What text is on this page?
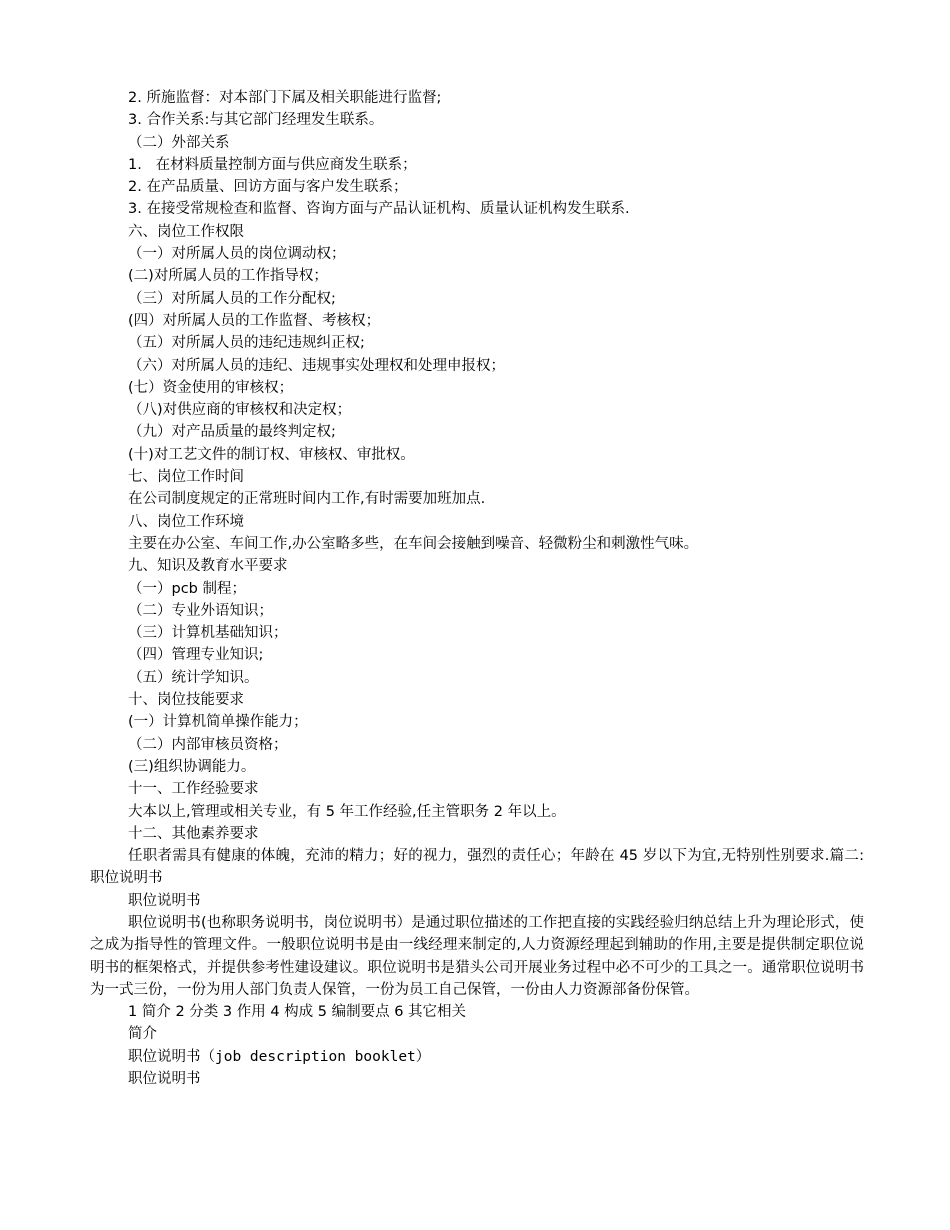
2. 所施监督：对本部门下属及相关职能进行监督;
3. 合作关系:与其它部门经理发生联系。
（二）外部关系
1.   在材料质量控制方面与供应商发生联系；
2. 在产品质量、回访方面与客户发生联系；
3. 在接受常规检查和监督、咨询方面与产品认证机构、质量认证机构发生联系.
六、岗位工作权限
（一）对所属人员的岗位调动权；
(二)对所属人员的工作指导权；
（三）对所属人员的工作分配权;
(四）对所属人员的工作监督、考核权；
（五）对所属人员的违纪违规纠正权;
（六）对所属人员的违纪、违规事实处理权和处理申报权；
(七）资金使用的审核权；
（八)对供应商的审核权和决定权；
（九）对产品质量的最终判定权;
(十)对工艺文件的制订权、审核权、审批权。
七、岗位工作时间
在公司制度规定的正常班时间内工作,有时需要加班加点.
八、岗位工作环境
主要在办公室、车间工作,办公室略多些，在车间会接触到噪音、轻微粉尘和刺激性气味。
九、知识及教育水平要求
（一）pcb 制程；
（二）专业外语知识；
（三）计算机基础知识；
（四）管理专业知识;
（五）统计学知识。
十、岗位技能要求
(一）计算机简单操作能力；
（二）内部审核员资格；
(三)组织协调能力。
十一、工作经验要求
大本以上,管理或相关专业，有 5 年工作经验,任主管职务 2 年以上。
十二、其他素养要求
任职者需具有健康的体魄，充沛的精力；好的视力，强烈的责任心；年龄在 45 岁以下为宜,无特别性别要求.篇二:职位说明书
职位说明书
职位说明书(也称职务说明书，岗位说明书）是通过职位描述的工作把直接的实践经验归纳总结上升为理论形式，使之成为指导性的管理文件。一般职位说明书是由一线经理来制定的,人力资源经理起到辅助的作用,主要是提供制定职位说明书的框架格式，并提供参考性建设建议。职位说明书是猎头公司开展业务过程中必不可少的工具之一。通常职位说明书为一式三份，一份为用人部门负责人保管，一份为员工自己保管，一份由人力资源部备份保管。
1 简介 2 分类 3 作用 4 构成 5 编制要点 6 其它相关
简介
职位说明书（job description booklet）
职位说明书
